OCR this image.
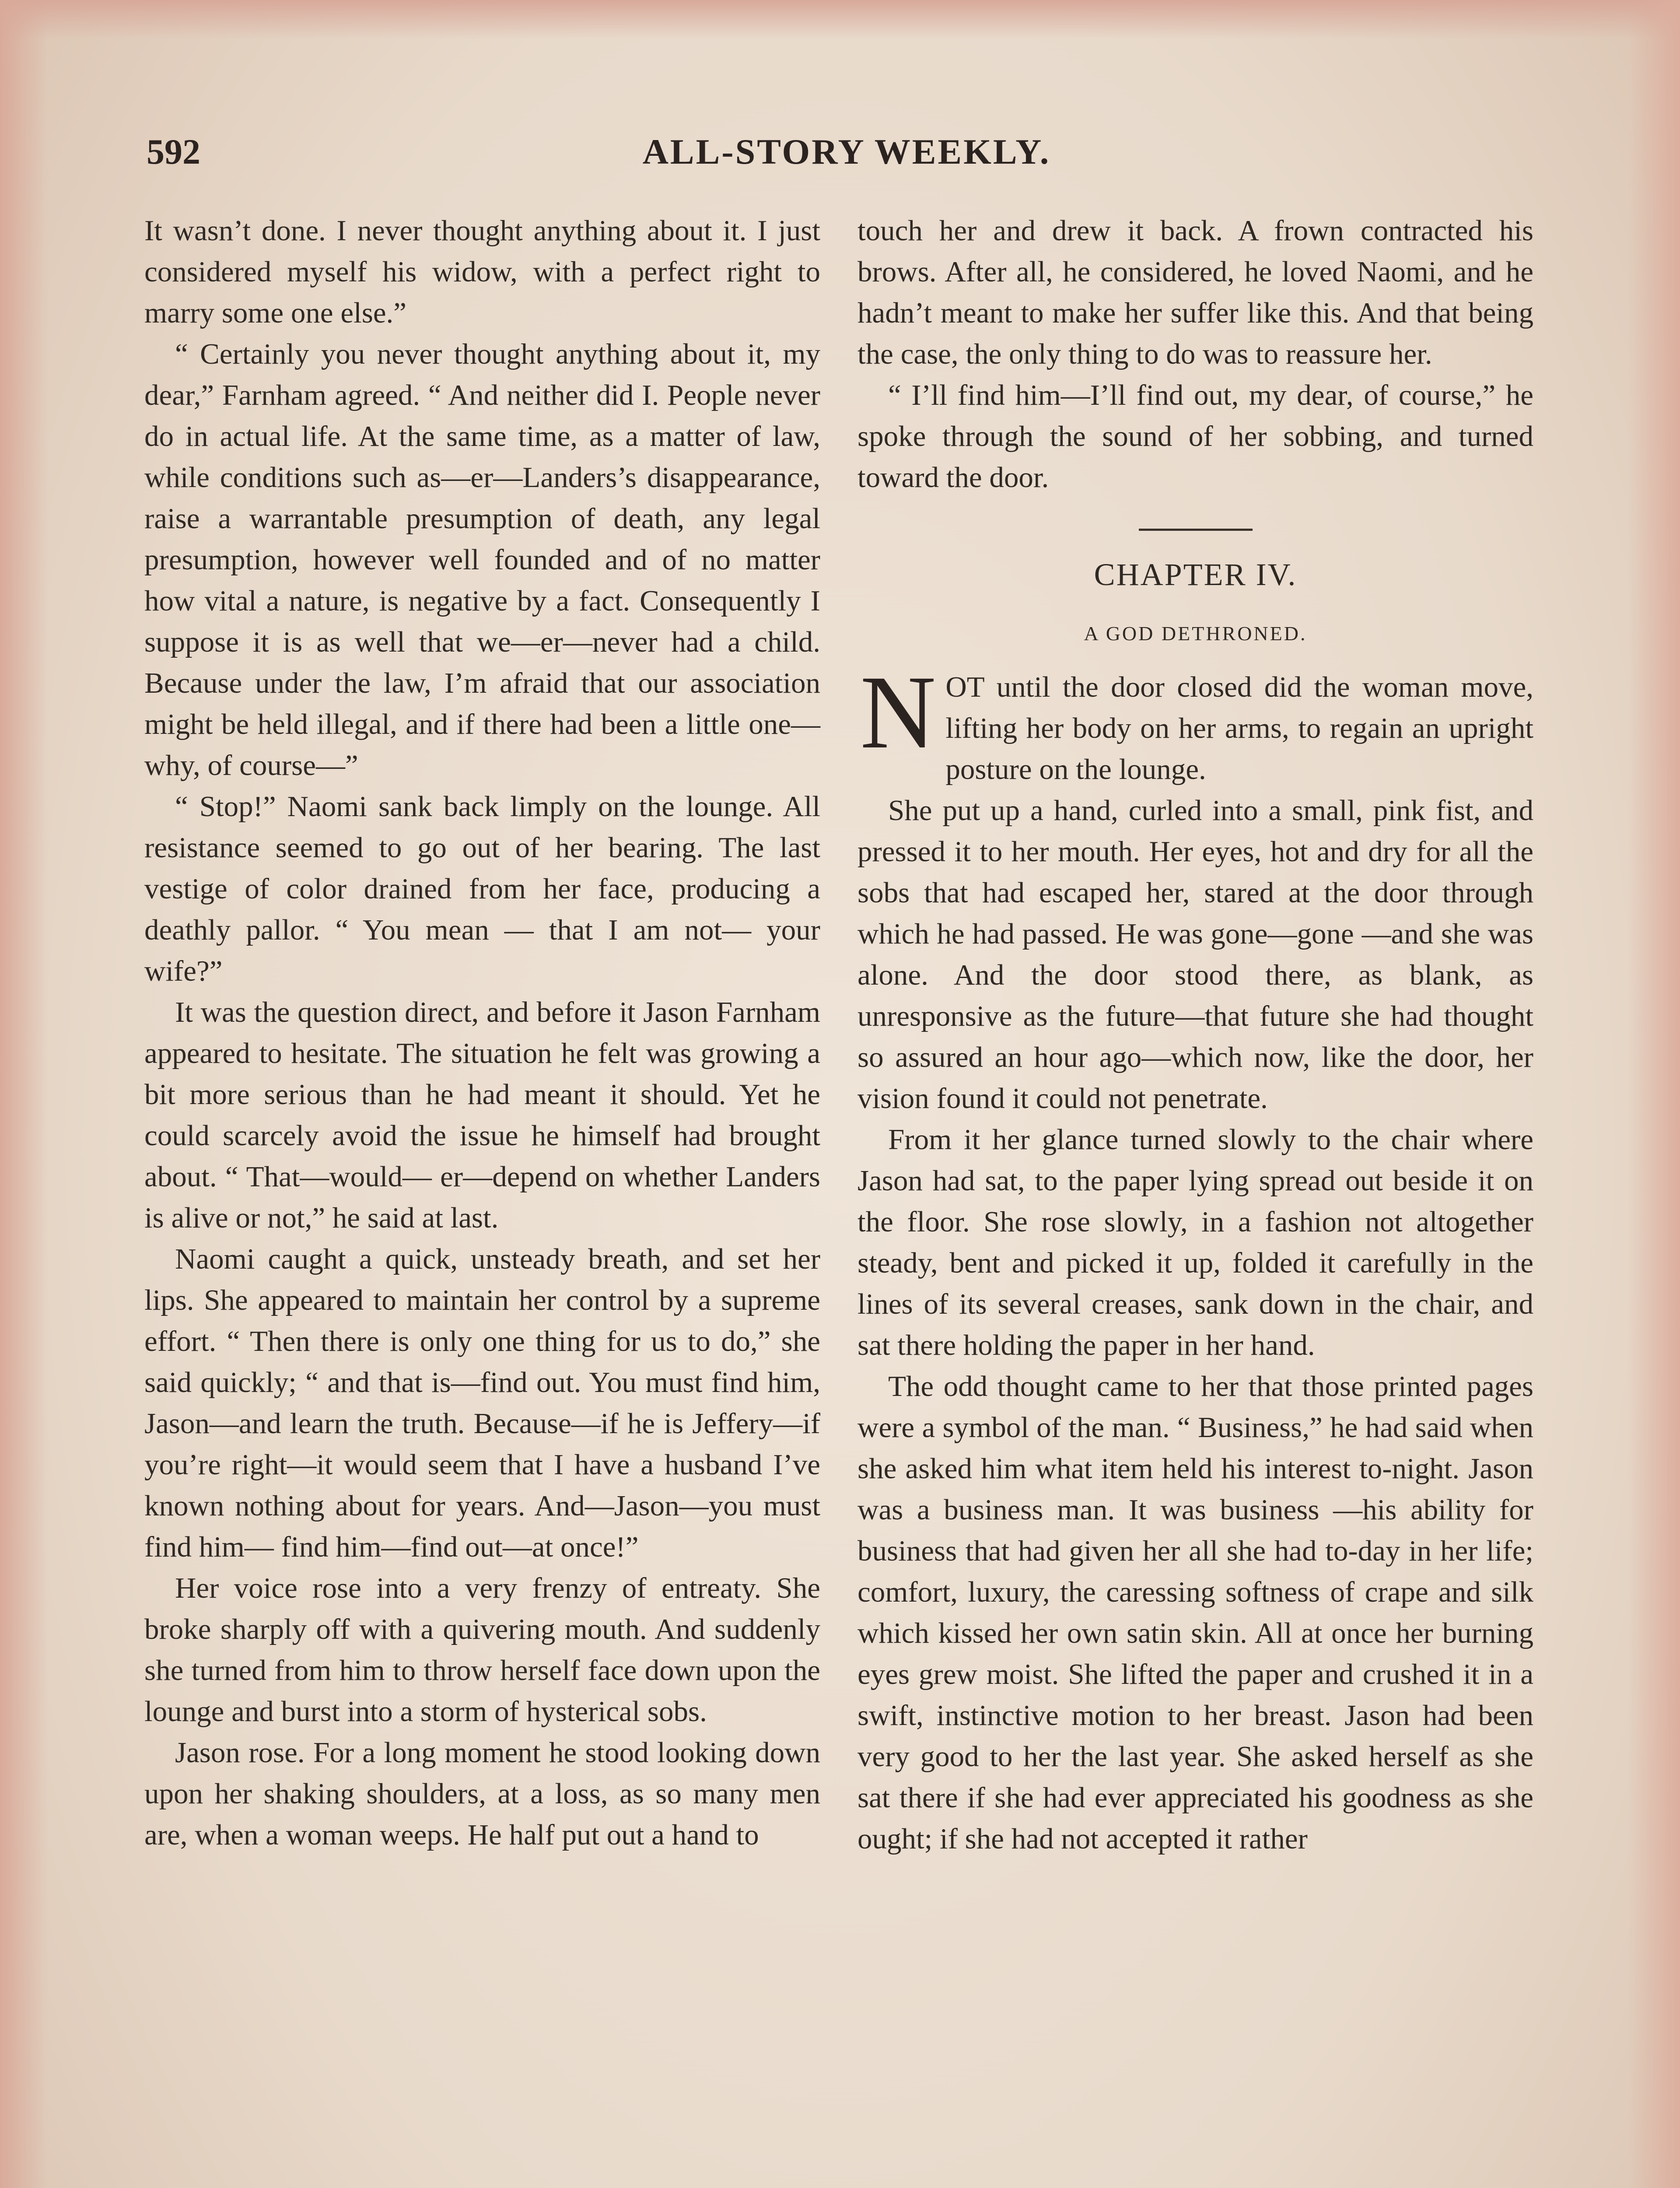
592	ALL-STORY WEEKLY.

It wasn’t done. I never thought anything about it. I just considered myself his widow, with a perfect right to marry some one else.”

“ Certainly you never thought anything about it, my dear,” Farnham agreed. “ And neither did I. People never do in actual life. At the same time, as a matter of law, while conditions such as—er—Landers’s disappearance, raise a warrantable presumption of death, any legal presumption, however well founded and of no matter how vital a nature, is negative by a fact. Consequently I suppose it is as well that we—er—never had a child. Because under the law, I’m afraid that our association might be held illegal, and if there had been a little one—why, of course—”

“ Stop!” Naomi sank back limply on the lounge. All resistance seemed to go out of her bearing. The last vestige of color drained from her face, producing a deathly pallor. “ You mean — that I am not— your wife?”

It was the question direct, and before it Jason Farnham appeared to hesitate. The situation he felt was growing a bit more serious than he had meant it should. Yet he could scarcely avoid the issue he himself had brought about. “ That—would— er—depend on whether Landers is alive or not,” he said at last.

Naomi caught a quick, unsteady breath, and set her lips. She appeared to maintain her control by a supreme effort. “ Then there is only one thing for us to do,” she said quickly; “ and that is—find out. You must find him, Jason—and learn the truth. Because—if he is Jeffery—if you’re right—it would seem that I have a husband I’ve known nothing about for years. And—Jason—you must find him— find him—find out—at once!”

Her voice rose into a very frenzy of entreaty. She broke sharply off with a quivering mouth. And suddenly she turned from him to throw herself face down upon the lounge and burst into a storm of hysterical sobs.

Jason rose. For a long moment he stood looking down upon her shaking shoulders, at a loss, as so many men are, when a woman weeps. He half put out a hand to

touch her and drew it back. A frown contracted his brows. After all, he considered, he loved Naomi, and he hadn’t meant to make her suffer like this. And that being the case, the only thing to do was to reassure her.

“ I’ll find him—I’ll find out, my dear, of course,” he spoke through the sound of her sobbing, and turned toward the door.

CHAPTER IV.
A GOD DETHRONED.

NOT until the door closed did the woman move, lifting her body on her arms, to regain an upright posture on the lounge.

She put up a hand, curled into a small, pink fist, and pressed it to her mouth. Her eyes, hot and dry for all the sobs that had escaped her, stared at the door through which he had passed. He was gone—gone —and she was alone. And the door stood there, as blank, as unresponsive as the future—that future she had thought so assured an hour ago—which now, like the door, her vision found it could not penetrate.

From it her glance turned slowly to the chair where Jason had sat, to the paper lying spread out beside it on the floor. She rose slowly, in a fashion not altogether steady, bent and picked it up, folded it carefully in the lines of its several creases, sank down in the chair, and sat there holding the paper in her hand.

The odd thought came to her that those printed pages were a symbol of the man. “ Business,” he had said when she asked him what item held his interest to-night. Jason was a business man. It was business —his ability for business that had given her all she had to-day in her life; comfort, luxury, the caressing softness of crape and silk which kissed her own satin skin. All at once her burning eyes grew moist. She lifted the paper and crushed it in a swift, instinctive motion to her breast. Jason had been very good to her the last year. She asked herself as she sat there if she had ever appreciated his goodness as she ought; if she had not accepted it rather
